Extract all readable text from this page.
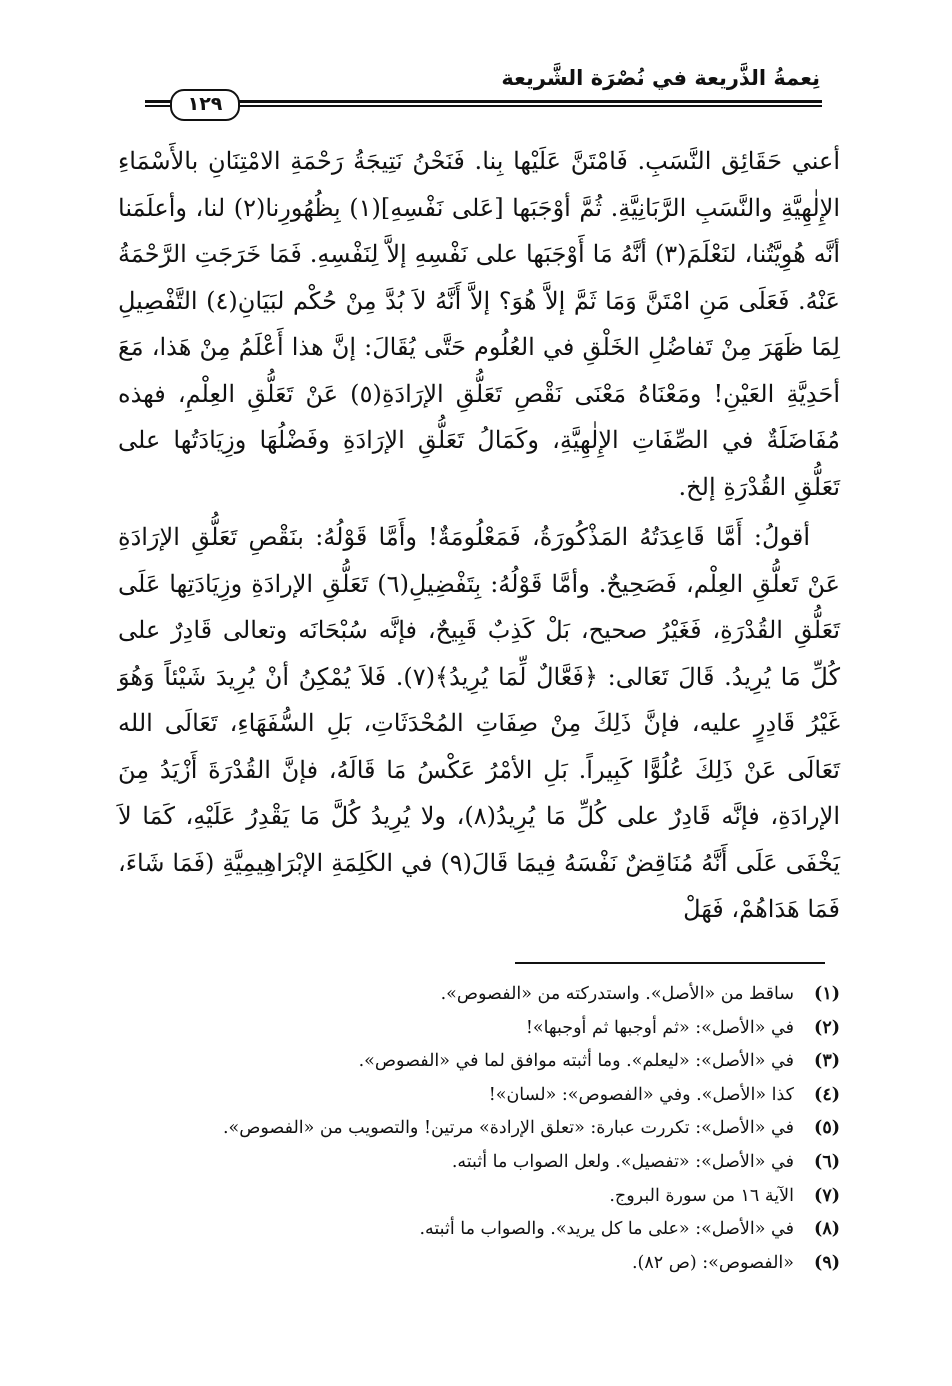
نِعمةُ الذَّريعة في نُصْرَة الشَّريعة
١٢٩

أعني حَقَائِق النَّسَبِ. فَامْتَنَّ عَلَيْها بِنا. فَنَحْنُ نَتِيجَةُ رَحْمَةِ الامْتِنَانِ بالأَسْمَاءِ الإِلٰهِيَّةِ والنَّسَبِ الرَّبَانِيَّةِ. ثُمَّ أوْجَبَها [عَلى نَفْسِهِ](١) بِظُهُورِنا(٢) لنا، وأعلَمَنا أنَّه هُوِيَّتُنا، لنَعْلَمَ(٣) أنَّهُ مَا أَوْجَبَها على نَفْسِهِ إلاَّ لِنَفْسِهِ. فَمَا خَرَجَتِ الرَّحْمَةُ عَنْهُ. فَعَلَى مَنِ امْتَنَّ وَمَا ثَمَّ إلاَّ هُوَ؟ إلاَّ أَنَّهُ لاَ بُدَّ مِنْ حُكْم لبَيَانِ(٤) التَّفْصِيلِ لِمَا ظَهَرَ مِنْ تَفاضُلِ الخَلْقِ في العُلُوم حَتَّى يُقَالَ: إنَّ هذا أَعْلَمُ مِنْ هَذا، مَعَ أحَدِيَّةِ العَيْنِ! ومَعْنَاهُ مَعْنَى نَقْصِ تَعَلُّقِ الإرَادَةِ(٥) عَنْ تَعَلُّقِ العِلْمِ، فهذه مُفَاضَلَةٌ في الصِّفَاتِ الإِلٰهِيَّةِ، وكَمَالُ تَعَلُّقِ الإرَادَةِ وفَضْلُهَا وزِيَادَتُها على تَعَلُّقِ القُدْرَةِ إلخ.

أقولُ: أَمَّا قَاعِدَتُهُ المَذْكُورَةُ، فَمَعْلُومَةٌ! وأَمَّا قَوْلُهُ: بنَقْصِ تَعَلُّقِ الإرَادَةِ عَنْ تَعلُّقِ العِلْم، فَصَحِيحٌ. وأمَّا قَوْلُهُ: بِتَفْضِيلِ(٦) تَعَلُّقِ الإرادَةِ وزِيَادَتِها عَلَى تَعَلُّقِ القُدْرَةِ، فَغَيْرُ صحيح، بَلْ كَذِبٌ قَبِيحٌ، فإنَّه سُبْحَانَه وتعالى قَادِرٌ على كُلِّ مَا يُرِيدُ. قَالَ تَعَالى: ﴿فَعَّالٌ لِّمَا يُرِيدُ﴾(٧). فَلاَ يُمْكِنُ أنْ يُرِيدَ شَيْئاً وَهُوَ غَيْرُ قَادِرٍ عليه، فإنَّ ذَلِكَ مِنْ صِفَاتِ المُحْدَثَاتِ، بَلِ السُّفَهَاءِ، تَعَالَى الله تَعَالَى عَنْ ذَلِكَ عُلُوًّا كَبِيراً. بَلِ الأمْرُ عَكْسُ مَا قَالَهُ، فإنَّ القُدْرَةَ أَزْيَدُ مِنَ الإرادَةِ، فإنَّه قَادِرٌ على كُلِّ مَا يُرِيدُ(٨)، ولا يُرِيدُ كُلَّ مَا يَقْدِرُ عَلَيْهِ، كَمَا لاَ يَخْفَى عَلَى أَنَّهُ مُنَاقِضٌ نَفْسَهُ فِيمَا قَالَ(٩) في الكَلِمَةِ الإبْرَاهِيمِيَّةِ (فَمَا شَاءَ، فَمَا هَدَاهُمْ، فَهَلْ

(١)
ساقط من «الأصل». واستدركته من «الفصوص».
(٢)
في «الأصل»: «ثم أوجبها ثم أوجبها»!
(٣)
في «الأصل»: «ليعلم». وما أثبته موافق لما في «الفصوص».
(٤)
كذا «الأصل». وفي «الفصوص»: «لسان»!
(٥)
في «الأصل»: تكررت عبارة: «تعلق الإرادة» مرتين! والتصويب من «الفصوص».
(٦)
في «الأصل»: «تفصيل». ولعل الصواب ما أثبته.
(٧)
الآية ١٦ من سورة البروج.
(٨)
في «الأصل»: «على ما كل يريد». والصواب ما أثبته.
(٩)
«الفصوص»: (ص ٨٢).
